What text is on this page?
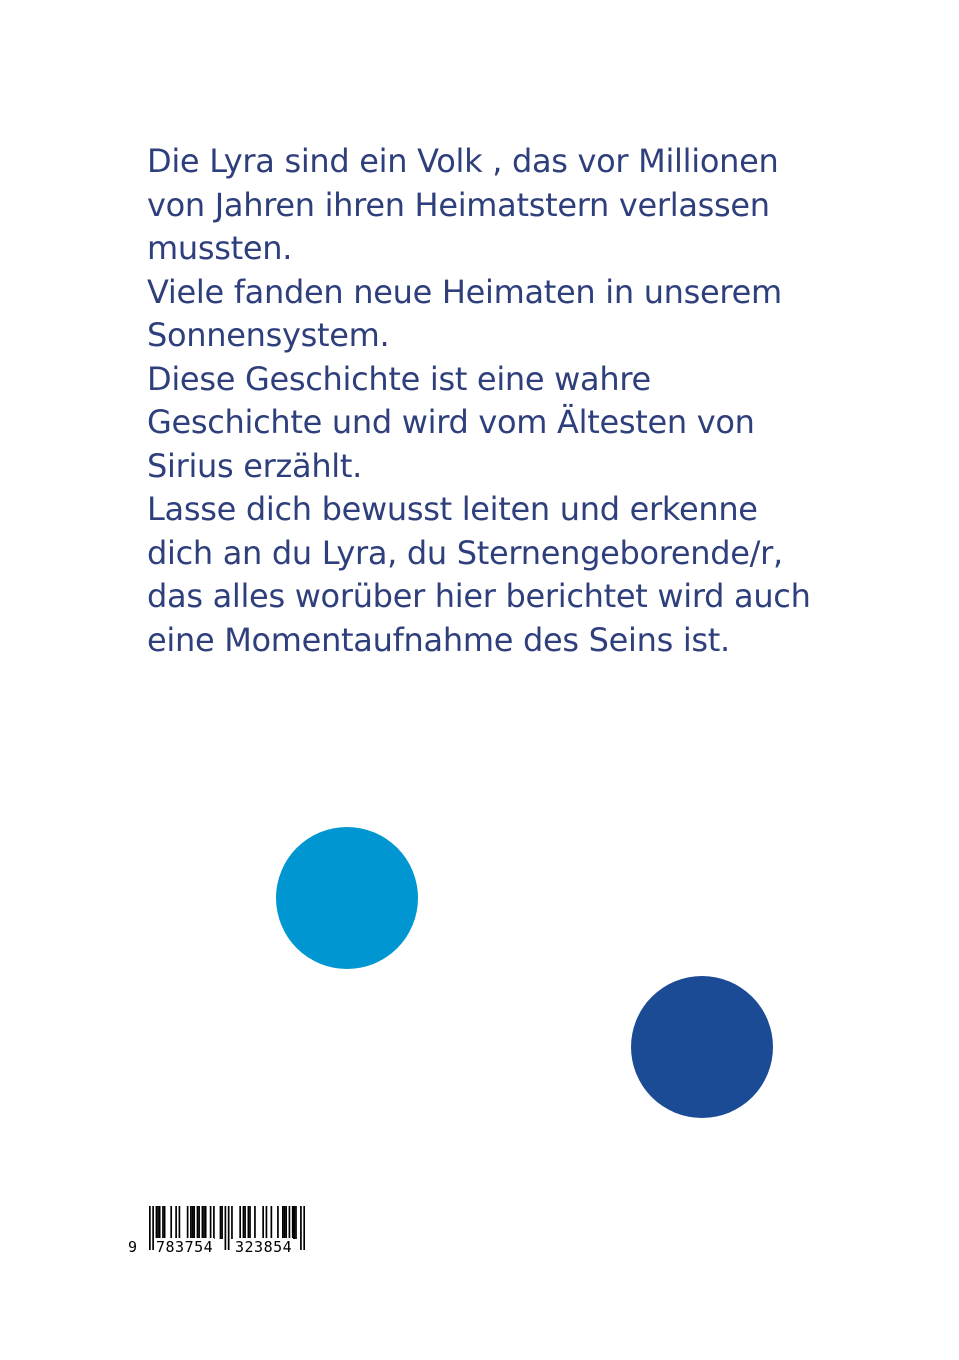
Die Lyra sind ein Volk , das vor Millionen
von Jahren ihren Heimatstern verlassen
mussten.
Viele fanden neue Heimaten in unserem
Sonnensystem.
Diese Geschichte ist eine wahre
Geschichte und wird vom Ältesten von
Sirius erzählt.
Lasse dich bewusst leiten und erkenne
dich an du Lyra, du Sternengeborende/r,
das alles worüber hier berichtet wird auch
eine Momentaufnahme des Seins ist.
9 783754 323854
